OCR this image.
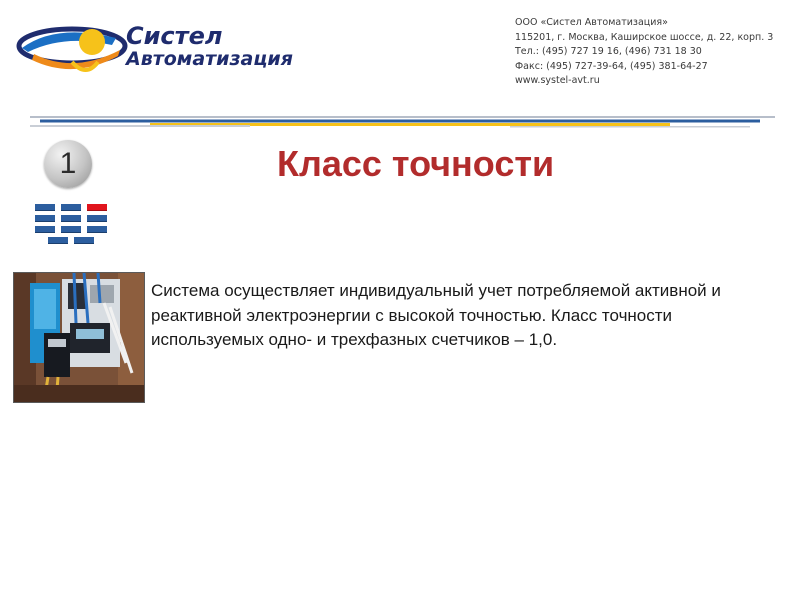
Систел
Автоматизация
ООО «Систел Автоматизация»
115201, г. Москва, Каширское шоссе, д. 22, корп. 3
Тел.: (495) 727 19 16, (496) 731 18 30
Факс: (495) 727-39-64, (495) 381-64-27
www.systel-avt.ru
1	Класс точности
Система осуществляет индивидуальный учет потребляемой активной и реактивной электроэнергии с высокой точностью. Класс точности используемых одно- и трехфазных счетчиков – 1,0.
